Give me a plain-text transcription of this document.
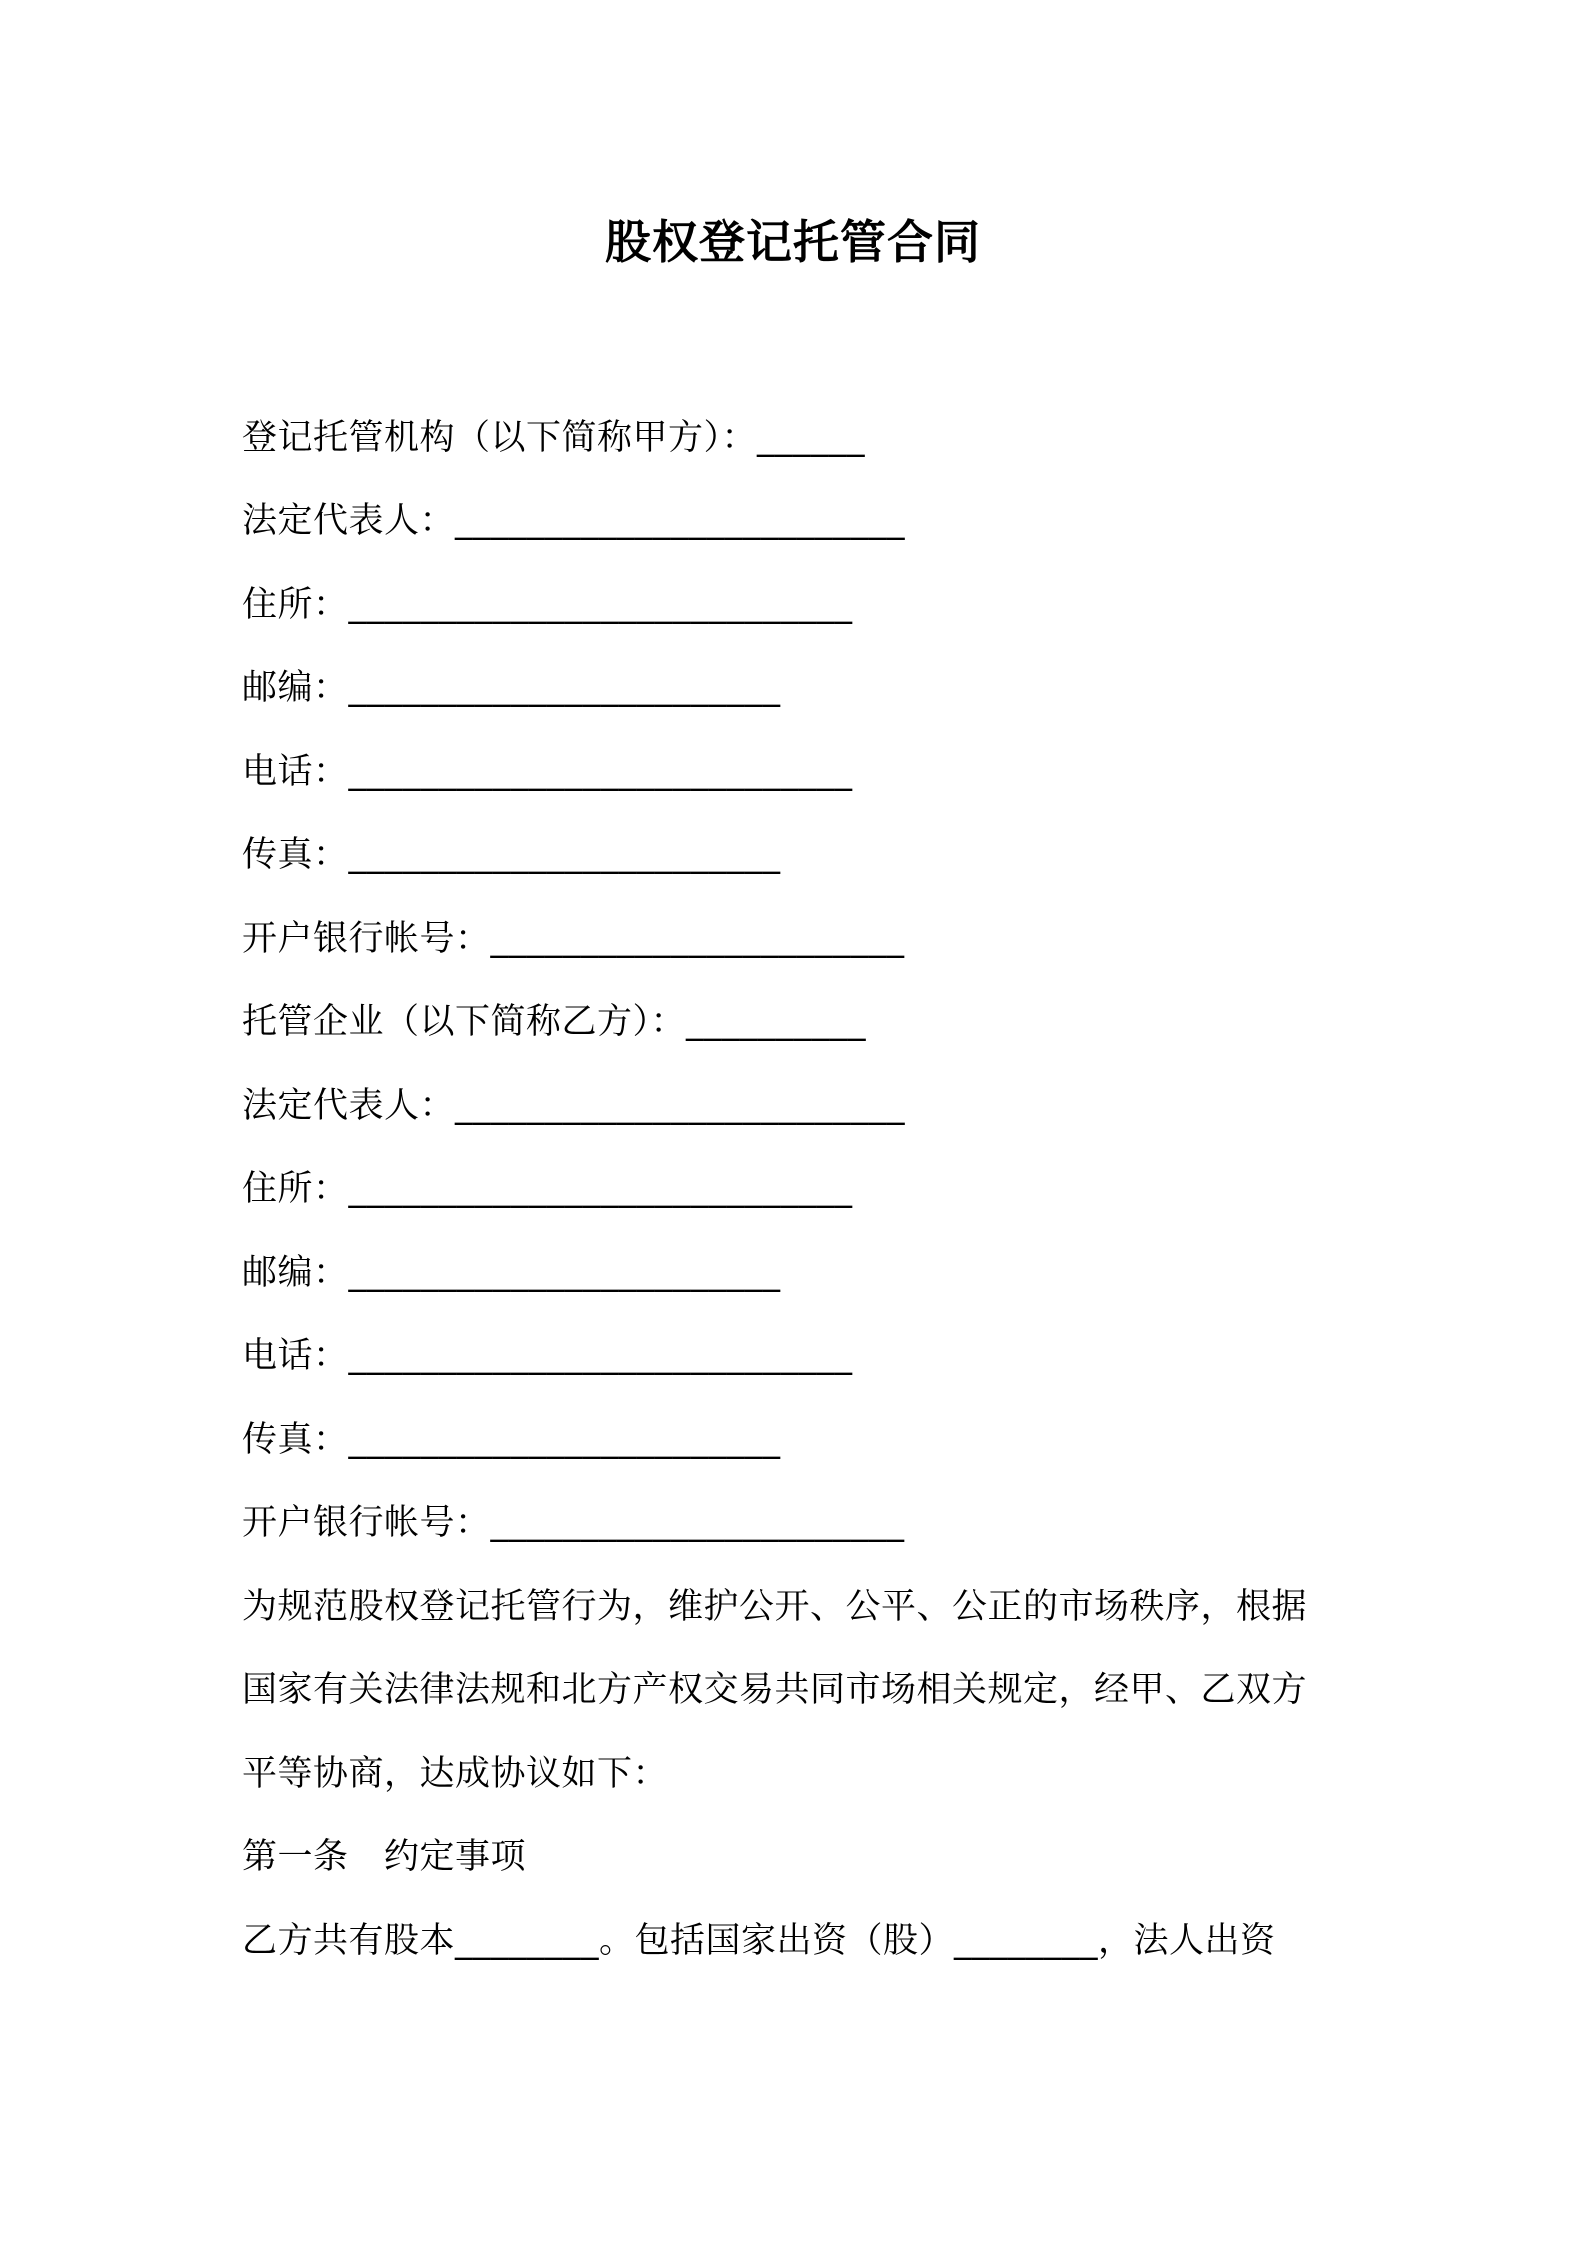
股权登记托管合同
登记托管机构（以下简称甲方）：______
法定代表人：_________________________
住所：____________________________
邮编：________________________
电话：____________________________
传真：________________________
开户银行帐号：_______________________
托管企业（以下简称乙方）：__________
法定代表人：_________________________
住所：____________________________
邮编：________________________
电话：____________________________
传真：________________________
开户银行帐号：_______________________
为规范股权登记托管行为，维护公开、公平、公正的市场秩序，根据
国家有关法律法规和北方产权交易共同市场相关规定，经甲、乙双方
平等协商，达成协议如下：
第一条　约定事项
乙方共有股本________。包括国家出资（股）________，法人出资
